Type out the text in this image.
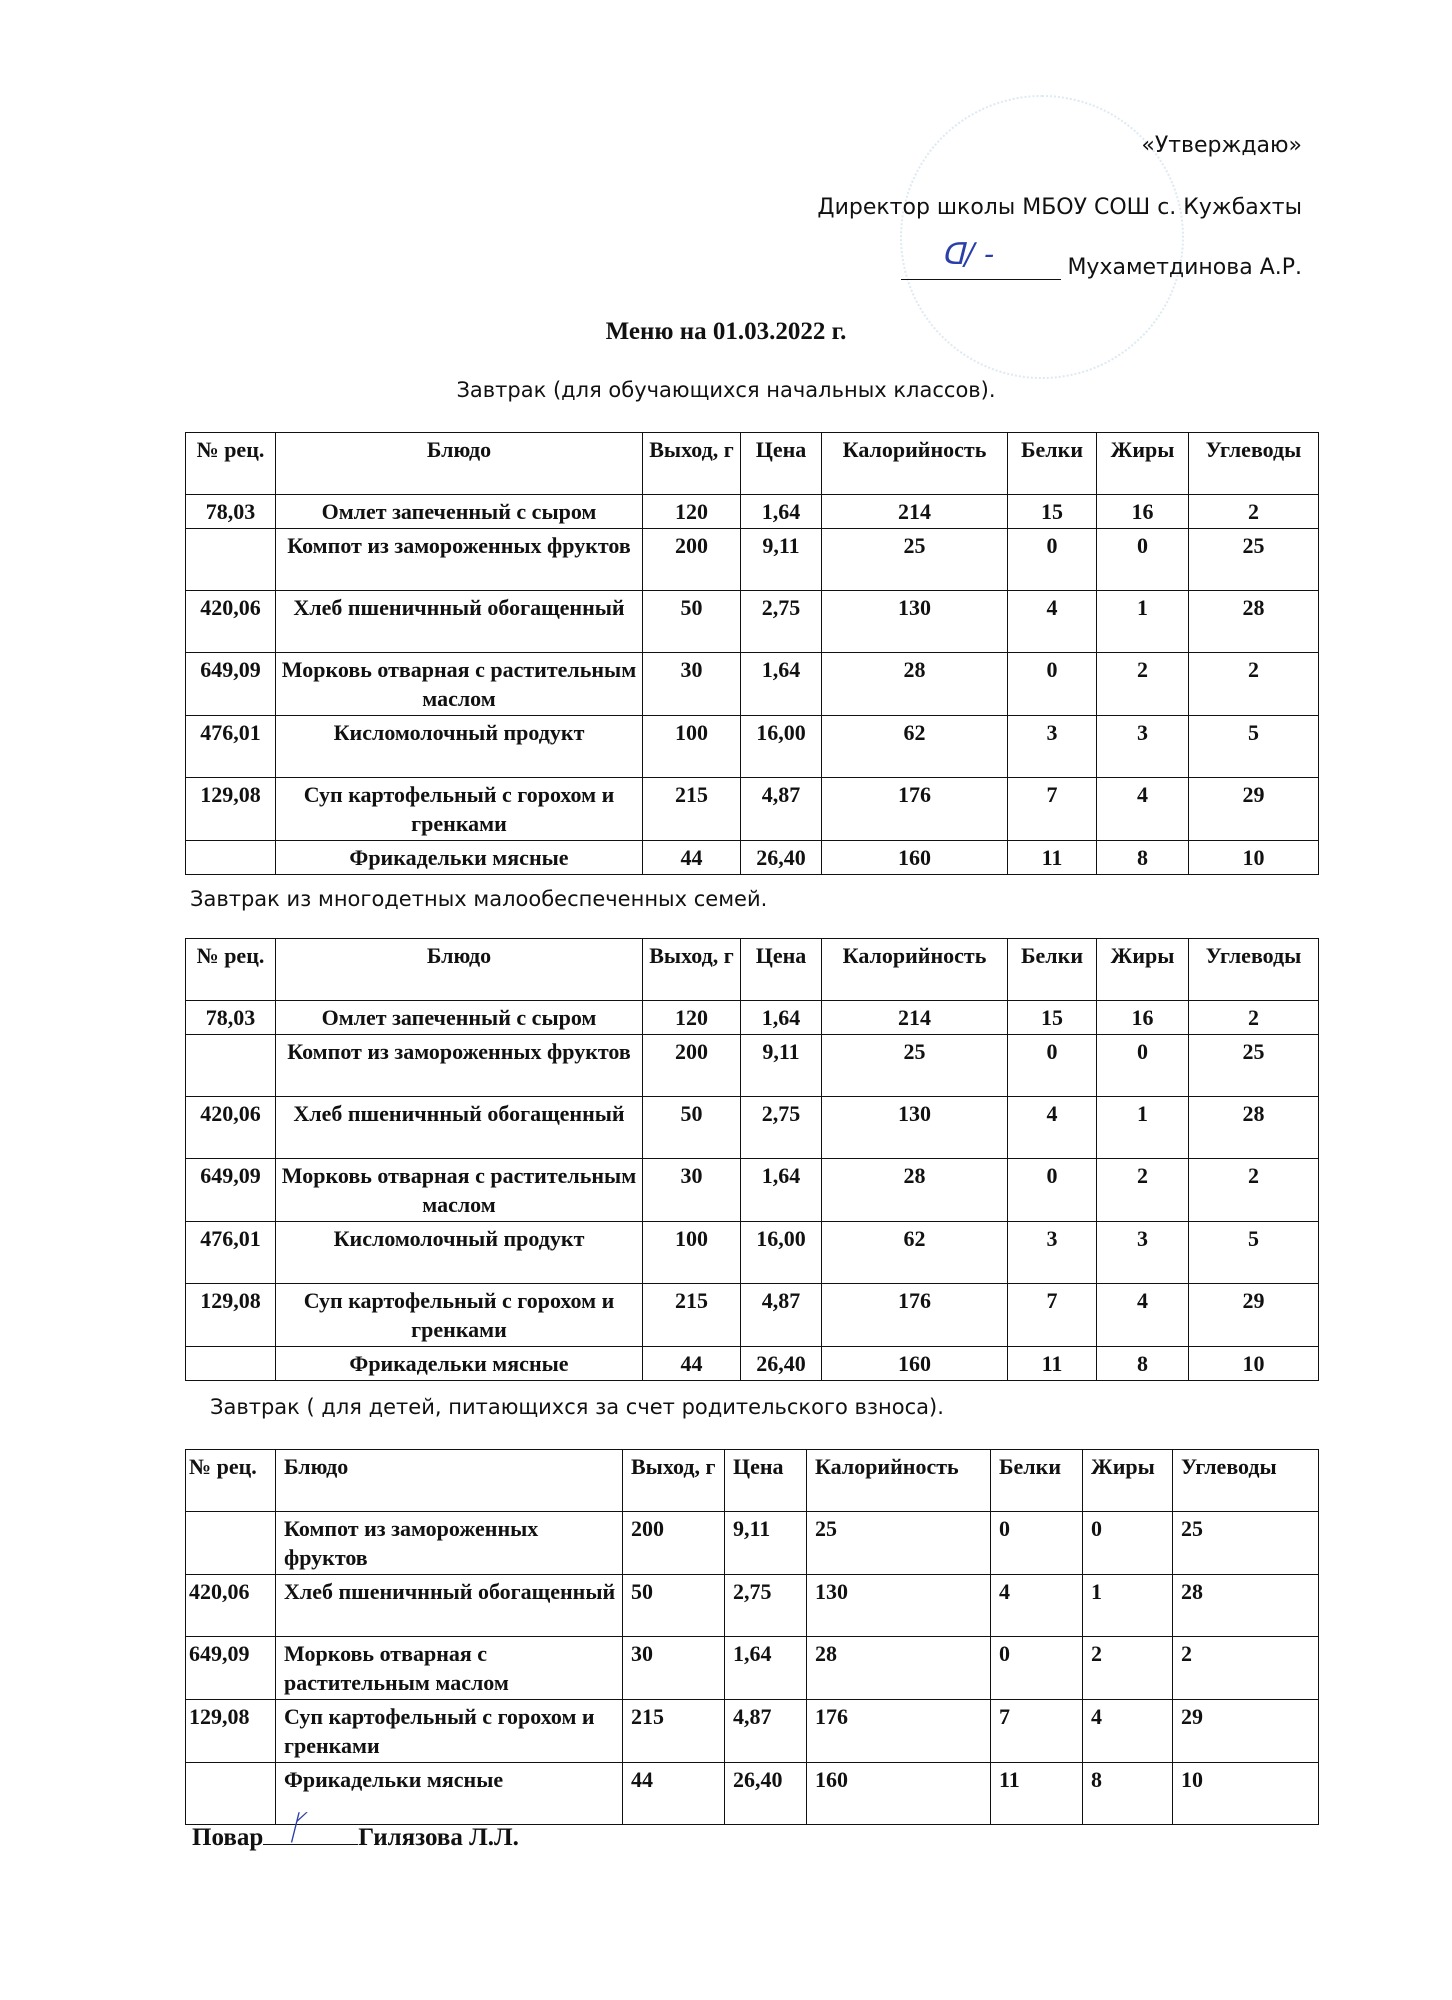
«Утверждаю»
Директор школы МБОУ СОШ с. Кужбахты
ᗡ/ -	Мухаметдинова А.Р.
Меню на 01.03.2022 г.
Завтрак (для обучающихся начальных классов).
№ рец.	Блюдо	Выход, г	Цена	Калорийность	Белки	Жиры	Углеводы
78,03	Омлет запеченный с сыром	120	1,64	214	15	16	2
	Компот из замороженных фруктов	200	9,11	25	0	0	25
420,06	Хлеб пшеничнный обогащенный	50	2,75	130	4	1	28
649,09	Морковь отварная с растительным маслом	30	1,64	28	0	2	2
476,01	Кисломолочный продукт	100	16,00	62	3	3	5
129,08	Суп картофельный с горохом и гренками	215	4,87	176	7	4	29
	Фрикадельки мясные	44	26,40	160	11	8	10
Завтрак из многодетных малообеспеченных семей.
№ рец.	Блюдо	Выход, г	Цена	Калорийность	Белки	Жиры	Углеводы
78,03	Омлет запеченный с сыром	120	1,64	214	15	16	2
	Компот из замороженных фруктов	200	9,11	25	0	0	25
420,06	Хлеб пшеничнный обогащенный	50	2,75	130	4	1	28
649,09	Морковь отварная с растительным маслом	30	1,64	28	0	2	2
476,01	Кисломолочный продукт	100	16,00	62	3	3	5
129,08	Суп картофельный с горохом и гренками	215	4,87	176	7	4	29
	Фрикадельки мясные	44	26,40	160	11	8	10
Завтрак ( для детей, питающихся за счет родительского взноса).
№ рец.	Блюдо	Выход, г	Цена	Калорийность	Белки	Жиры	Углеводы
	Компот из замороженных фруктов	200	9,11	25	0	0	25
420,06	Хлеб пшеничнный обогащенный	50	2,75	130	4	1	28
649,09	Морковь отварная с растительным маслом	30	1,64	28	0	2	2
129,08	Суп картофельный с горохом и гренками	215	4,87	176	7	4	29
	Фрикадельки мясные	44	26,40	160	11	8	10
Повар ᚴ Гилязова Л.Л.
